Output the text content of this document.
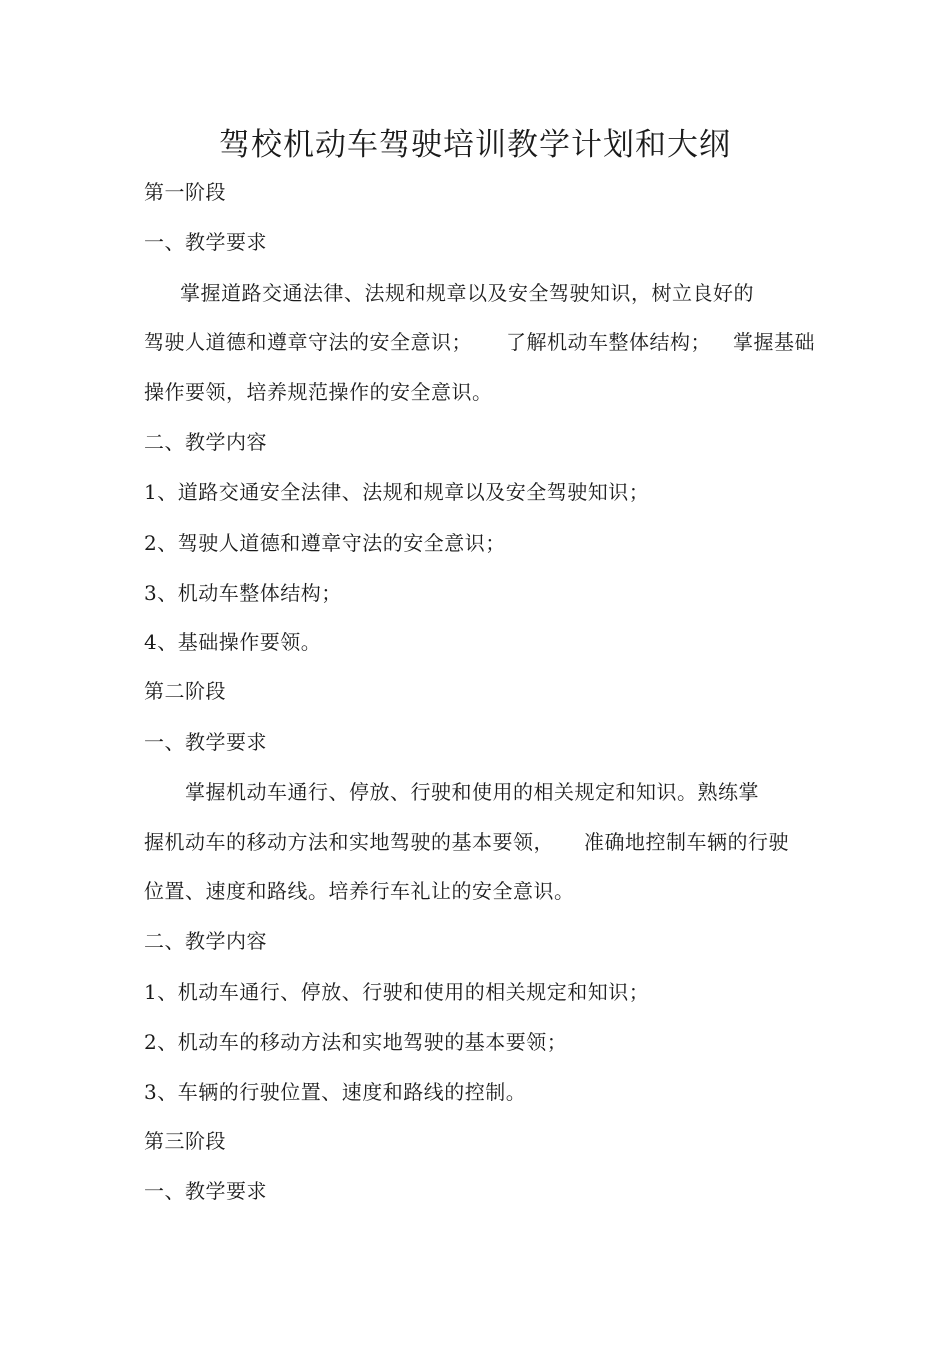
驾校机动车驾驶培训教学计划和大纲
第一阶段
一、教学要求
掌握道路交通法律、法规和规章以及安全驾驶知识，树立良好的
驾驶人道德和遵章守法的安全意识； 了解机动车整体结构； 掌握基础
操作要领，培养规范操作的安全意识。
二、教学内容
1、道路交通安全法律、法规和规章以及安全驾驶知识；
2、驾驶人道德和遵章守法的安全意识；
3、机动车整体结构；
4、基础操作要领。
第二阶段
一、教学要求
掌握机动车通行、停放、行驶和使用的相关规定和知识。熟练掌
握机动车的移动方法和实地驾驶的基本要领， 准确地控制车辆的行驶
位置、速度和路线。培养行车礼让的安全意识。
二、教学内容
1、机动车通行、停放、行驶和使用的相关规定和知识；
2、机动车的移动方法和实地驾驶的基本要领；
3、车辆的行驶位置、速度和路线的控制。
第三阶段
一、教学要求
